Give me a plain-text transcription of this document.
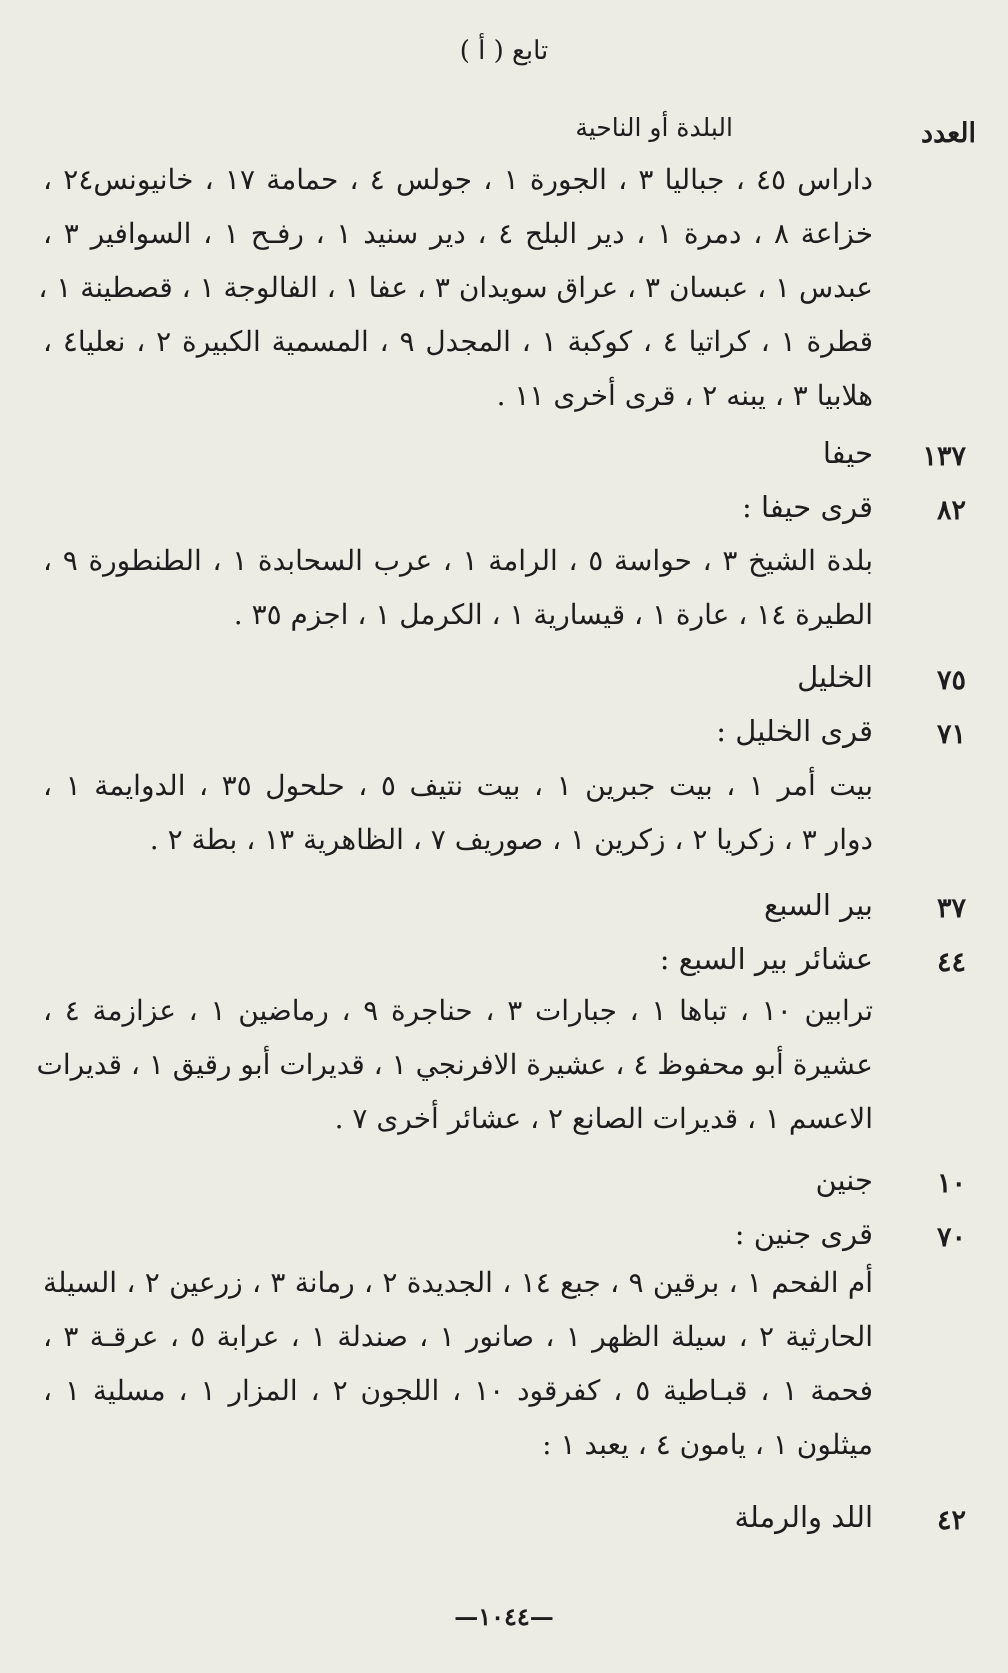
تابع ( أ )
العدد
البلدة أو الناحية
داراس ٤٥ ، جباليا ٣ ، الجورة ١ ، جولس ٤ ، حمامة ١٧ ، خانيونس٢٤ ،
خزاعة ٨ ، دمرة ١ ، دير البلح ٤ ، دير سنيد ١ ، رفـح ١ ، السوافير ٣ ،
عبدس ١ ، عبسان ٣ ، عراق سويدان ٣ ، عفا ١ ، الفالوجة ١ ، قصطينة ١ ،
قطرة ١ ، كراتيا ٤ ، كوكبة ١ ، المجدل ٩ ، المسمية الكبيرة ٢ ، نعليا٤ ،
هلابيا ٣ ، يبنه ٢ ، قرى أخرى ١١ .
١٣٧
حيفا
٨٢
قرى حيفا :
بلدة الشيخ ٣ ، حواسة ٥ ، الرامة ١ ، عرب السحابدة ١ ، الطنطورة ٩ ،
الطيرة ١٤ ، عارة ١ ، قيسارية ١ ، الكرمل ١ ، اجزم ٣٥ .
٧٥
الخليل
٧١
قرى الخليل :
بيت أمر ١ ، بيت جبرين ١ ، بيت نتيف ٥ ، حلحول ٣٥ ، الدوايمة ١ ،
دوار ٣ ، زكريا ٢ ، زكرين ١ ، صوريف ٧ ، الظاهرية ١٣ ، بطة ٢ .
٣٧
بير السبع
٤٤
عشائر بير السبع :
ترابين ١٠ ، تباها ١ ، جبارات ٣ ، حناجرة ٩ ، رماضين ١ ، عزازمة ٤ ،
عشيرة أبو محفوظ ٤ ، عشيرة الافرنجي ١ ، قديرات أبو رقيق ١ ، قديرات
الاعسم ١ ، قديرات الصانع ٢ ، عشائر أخرى ٧ .
١٠
جنين
٧٠
قرى جنين :
أم الفحم ١ ، برقين ٩ ، جبع ١٤ ، الجديدة ٢ ، رمانة ٣ ، زرعين ٢ ، السيلة
الحارثية ٢ ، سيلة الظهر ١ ، صانور ١ ، صندلة ١ ، عرابة ٥ ، عرقـة ٣ ،
فحمة ١ ، قبـاطية ٥ ، كفرقود ١٠ ، اللجون ٢ ، المزار ١ ، مسلية ١ ،
ميثلون ١ ، يامون ٤ ، يعبد ١ :
٤٢
اللد والرملة
—١٠٤٤—
